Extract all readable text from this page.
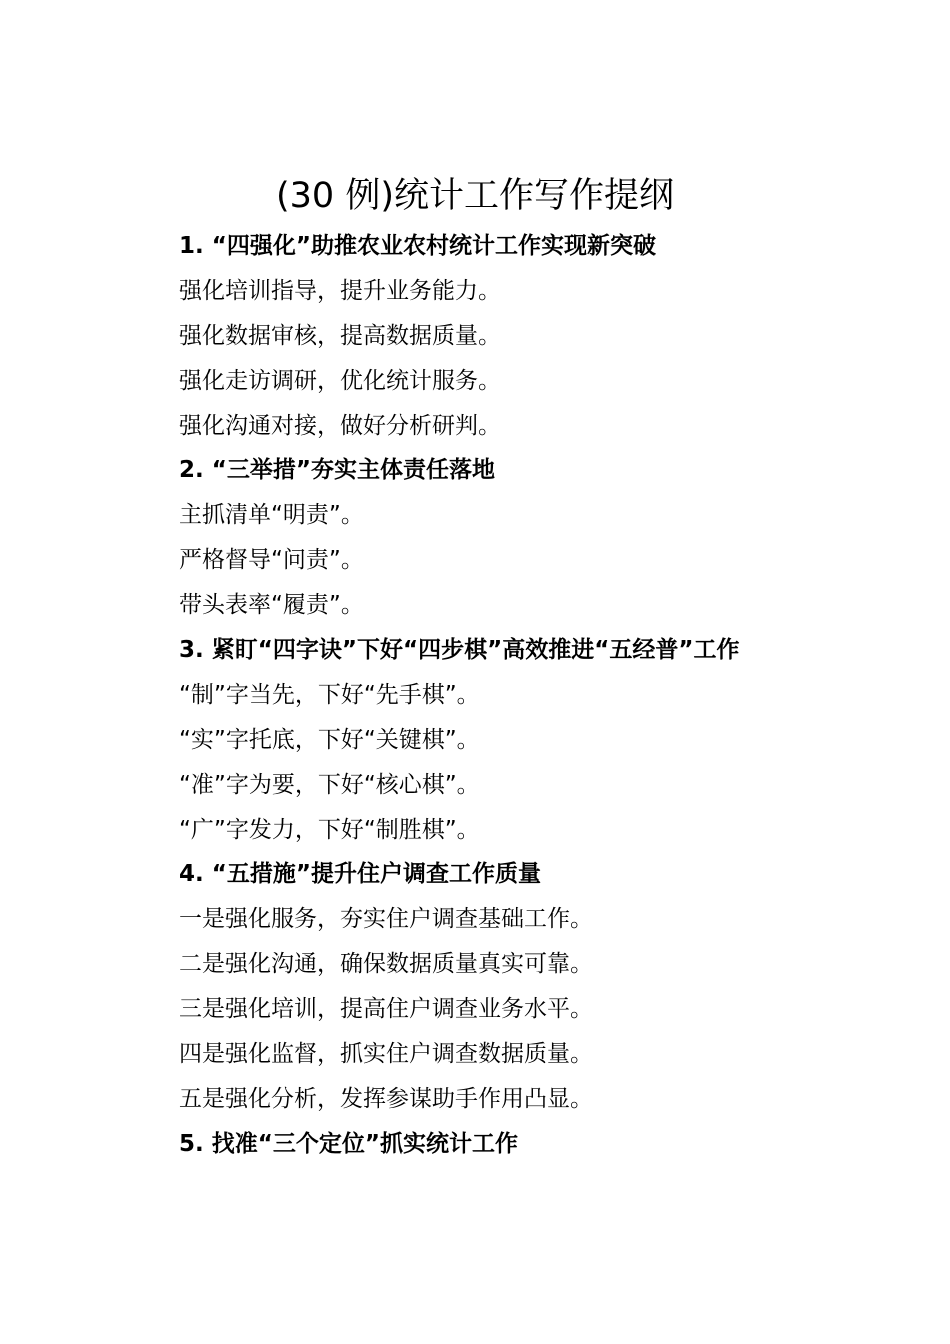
(30 例)统计工作写作提纲

1. “四强化”助推农业农村统计工作实现新突破

强化培训指导，提升业务能力。

强化数据审核，提高数据质量。

强化走访调研，优化统计服务。

强化沟通对接，做好分析研判。

2. “三举措”夯实主体责任落地

主抓清单“明责”。

严格督导“问责”。

带头表率“履责”。

3. 紧盯“四字诀”下好“四步棋”高效推进“五经普”工作

“制”字当先，下好“先手棋”。

“实”字托底，下好“关键棋”。

“准”字为要，下好“核心棋”。

“广”字发力，下好“制胜棋”。

4. “五措施”提升住户调查工作质量

一是强化服务，夯实住户调查基础工作。

二是强化沟通，确保数据质量真实可靠。

三是强化培训，提高住户调查业务水平。

四是强化监督，抓实住户调查数据质量。

五是强化分析，发挥参谋助手作用凸显。

5. 找准“三个定位”抓实统计工作
